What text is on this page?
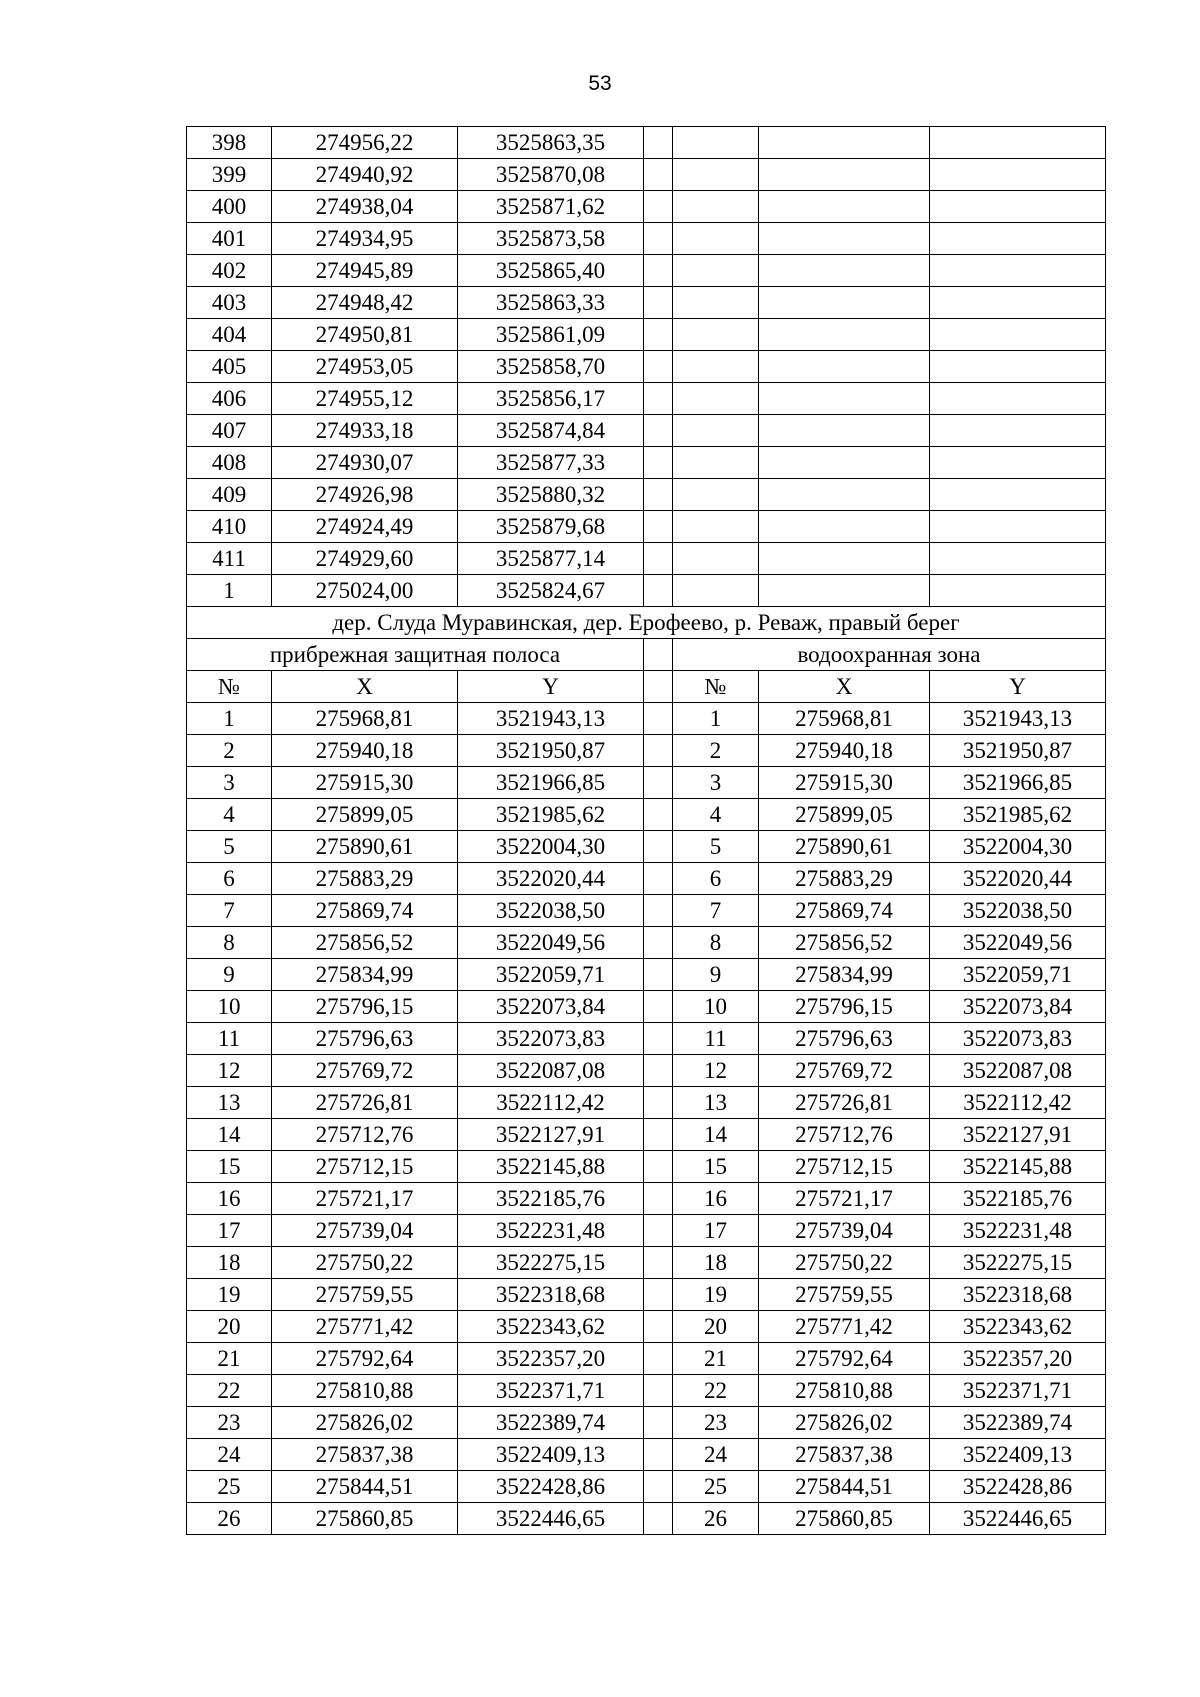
53
398	274956,22	3525863,35				
399	274940,92	3525870,08				
400	274938,04	3525871,62				
401	274934,95	3525873,58				
402	274945,89	3525865,40				
403	274948,42	3525863,33				
404	274950,81	3525861,09				
405	274953,05	3525858,70				
406	274955,12	3525856,17				
407	274933,18	3525874,84				
408	274930,07	3525877,33				
409	274926,98	3525880,32				
410	274924,49	3525879,68				
411	274929,60	3525877,14				
1	275024,00	3525824,67				
дер. Слуда Муравинская, дер. Ерофеево, р. Реваж, правый берег						
прибрежная защитная полоса				водоохранная зона		
№	X	Y		№	X	Y
1	275968,81	3521943,13		1	275968,81	3521943,13
2	275940,18	3521950,87		2	275940,18	3521950,87
3	275915,30	3521966,85		3	275915,30	3521966,85
4	275899,05	3521985,62		4	275899,05	3521985,62
5	275890,61	3522004,30		5	275890,61	3522004,30
6	275883,29	3522020,44		6	275883,29	3522020,44
7	275869,74	3522038,50		7	275869,74	3522038,50
8	275856,52	3522049,56		8	275856,52	3522049,56
9	275834,99	3522059,71		9	275834,99	3522059,71
10	275796,15	3522073,84		10	275796,15	3522073,84
11	275796,63	3522073,83		11	275796,63	3522073,83
12	275769,72	3522087,08		12	275769,72	3522087,08
13	275726,81	3522112,42		13	275726,81	3522112,42
14	275712,76	3522127,91		14	275712,76	3522127,91
15	275712,15	3522145,88		15	275712,15	3522145,88
16	275721,17	3522185,76		16	275721,17	3522185,76
17	275739,04	3522231,48		17	275739,04	3522231,48
18	275750,22	3522275,15		18	275750,22	3522275,15
19	275759,55	3522318,68		19	275759,55	3522318,68
20	275771,42	3522343,62		20	275771,42	3522343,62
21	275792,64	3522357,20		21	275792,64	3522357,20
22	275810,88	3522371,71		22	275810,88	3522371,71
23	275826,02	3522389,74		23	275826,02	3522389,74
24	275837,38	3522409,13		24	275837,38	3522409,13
25	275844,51	3522428,86		25	275844,51	3522428,86
26	275860,85	3522446,65		26	275860,85	3522446,65
